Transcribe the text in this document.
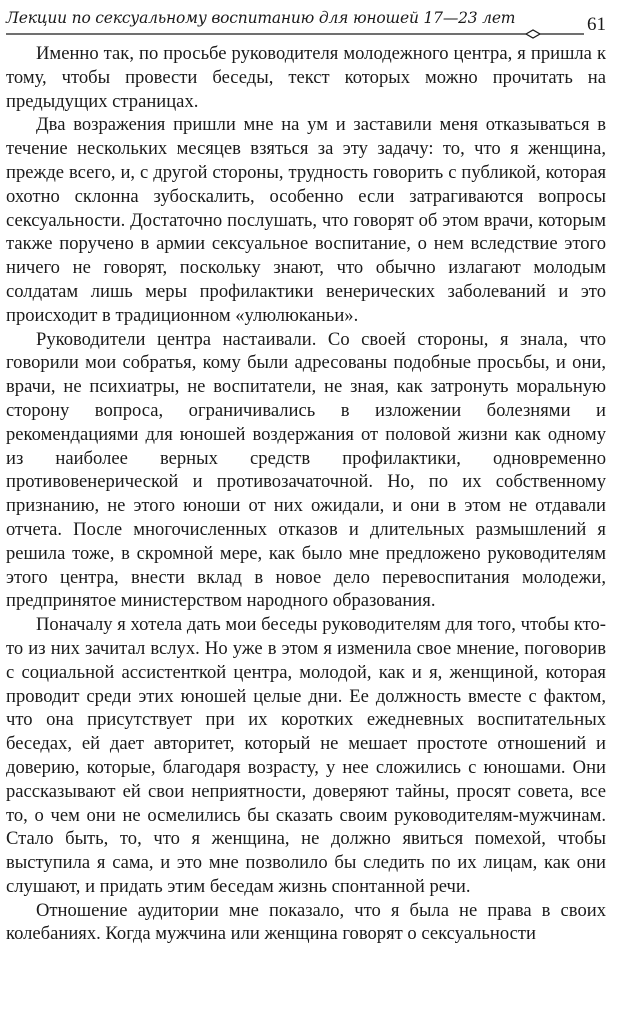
Лекции по сексуальному воспитанию для юношей 17—23 лет	61

Именно так, по просьбе руководителя молодежного центра, я пришла к тому, чтобы провести беседы, текст которых можно прочитать на предыдущих страницах.

Два возражения пришли мне на ум и заставили меня отказываться в течение нескольких месяцев взяться за эту задачу: то, что я женщина, прежде всего, и, с другой стороны, трудность говорить с публикой, которая охотно склонна зубоскалить, особенно если затрагиваются вопросы сексуальности. Достаточно послушать, что говорят об этом врачи, которым также поручено в армии сексуальное воспитание, о нем вследствие этого ничего не говорят, поскольку знают, что обычно излагают молодым солдатам лишь меры профилактики венерических заболеваний и это происходит в традиционном «улюлюканьи».

Руководители центра настаивали. Со своей стороны, я знала, что говорили мои собратья, кому были адресованы подобные просьбы, и они, врачи, не психиатры, не воспитатели, не зная, как затронуть моральную сторону вопроса, ограничивались в изложении болезнями и рекомендациями для юношей воздержания от половой жизни как одному из наиболее верных средств профилактики, одновременно противовенерической и противозачаточной. Но, по их собственному признанию, не этого юноши от них ожидали, и они в этом не отдавали отчета. После многочисленных отказов и длительных размышлений я решила тоже, в скромной мере, как было мне предложено руководителям этого центра, внести вклад в новое дело перевоспитания молодежи, предпринятое министерством народного образования.

Поначалу я хотела дать мои беседы руководителям для того, чтобы кто-то из них зачитал вслух. Но уже в этом я изменила свое мнение, поговорив с социальной ассистенткой центра, молодой, как и я, женщиной, которая проводит среди этих юношей целые дни. Ее должность вместе с фактом, что она присутствует при их коротких ежедневных воспитательных беседах, ей дает авторитет, который не мешает простоте отношений и доверию, которые, благодаря возрасту, у нее сложились с юношами. Они рассказывают ей свои неприятности, доверяют тайны, просят совета, все то, о чем они не осмелились бы сказать своим руководителям-мужчинам. Стало быть, то, что я женщина, не должно явиться помехой, чтобы выступила я сама, и это мне позволило бы следить по их лицам, как они слушают, и придать этим беседам жизнь спонтанной речи.

Отношение аудитории мне показало, что я была не права в своих колебаниях. Когда мужчина или женщина говорят о сексуальности
